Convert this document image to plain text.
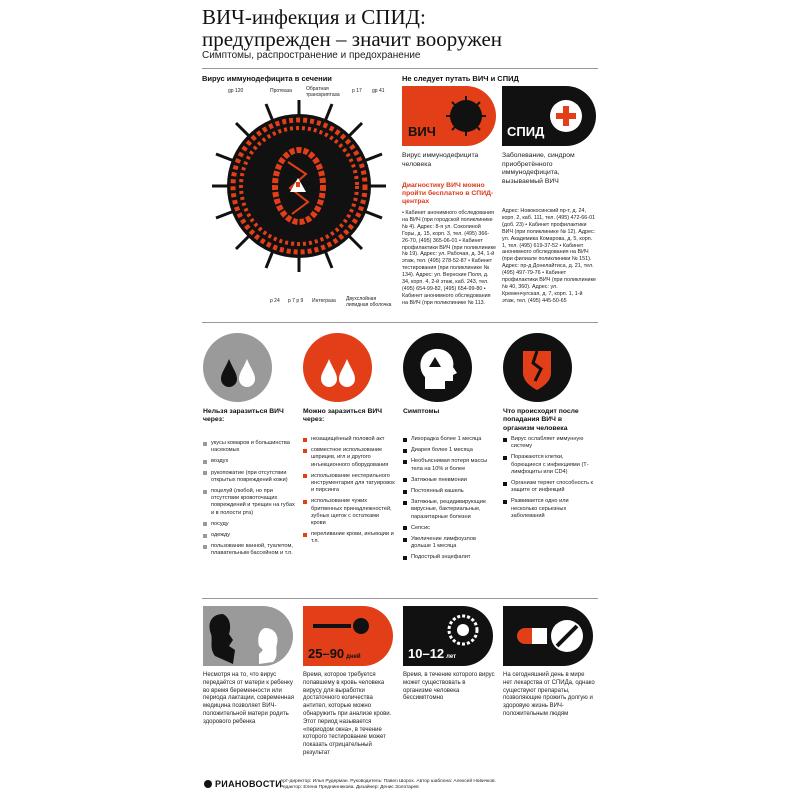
ВИЧ-инфекция и СПИД:
предупрежден – значит вооружен
Симптомы, распространение и предохранение
Вирус иммунодефицита в сечении
gp 120	Протеаза	Обратная транскриптаза
p 17 gp 41
p 24 p 7 p 9 Интеграза Двухслойная липидная оболочка
Не следует путать ВИЧ и СПИД
ВИЧ	СПИД
Вирус иммунодефицита человека
Заболевание, синдром приобретённого иммунодефицита, вызываемый ВИЧ
Диагностику ВИЧ можно пройти бесплатно в СПИД-центрах
• Кабинет анонимного обследования на ВИЧ (при городской поликлинике № 4). Адрес: 8-я ул. Соколиной Горы, д. 15, корп. 3, тел. (495) 366-26-70, (495) 365-06-01 • Кабинет профилактики ВИЧ (при поликлинике № 19). Адрес: ул. Рабочая, д. 34, 1-й этаж, тел. (495) 278-52-87 • Кабинет тестирования (при поликлинике № 134). Адрес: ул. Вернские Поля, д. 34, корп. 4, 2-й этаж, каб. 243, тел. (495) 654-99-82, (495) 654-99-80 • Кабинет анонимного обследования на ВИЧ (при поликлинике № 113.
Адрес: Новокосинский пр-т, д. 24, корп. 2, каб. 111, тел. (495) 472-66-01 (доб. 23) • Кабинет профилактики ВИЧ (при поликлинике № 12). Адрес: ул. Академика Комарова, д. 5, корп. 1, тел. (495) 619-37-52 • Кабинет анонимного обследования на ВИЧ (при филиале поликлиники № 151). Адрес: пр-д Донелайтиса, д. 21, тел. (495) 497-79-76 • Кабинет профилактики ВИЧ (при поликлинике № 40, 360). Адрес: ул. Кременчугская, д. 7, корп. 1, 1-й этаж, тел. (495) 445-50-65
Нельзя заразиться ВИЧ через:
Можно заразиться ВИЧ через:
Симптомы	Что происходит после попадания ВИЧ в организм человека
укусы комаров и большинства насекомых
воздух
рукопожатие (при отсутствии открытых повреждений кожи)
поцелуй (любой, но при отсутствии кровоточащих повреждений и трещин на губах и в полости рта)
посуду
одежду
пользование ванной, туалетом, плавательным бассейном и т.п.
незащищённый половой акт
совместное использование шприцев, игл и другого инъекционного оборудования
использование нестерильного инструментария для татуировок и пирсинга
использование чужих бритвенных принадлежностей, зубных щеток с остатками крови
переливание крови, инъекции и т.п.
Лихорадка более 1 месяца
Диарея более 1 месяца
Необъяснимая потеря массы тела на 10% и более
Затяжные пневмонии
Постоянный кашель
Затяжные, рецидивирующие вирусные, бактериальные, паразитарные болезни
Сепсис
Увеличение лимфоузлов дольше 1 месяца
Подострый энцефалит
Вирус ослабляет иммунную систему
Поражаются клетки, борющиеся с инфекциями (Т-лимфоциты или CD4)
Организм теряет способность к защите от инфекций
Развивается одно или несколько серьезных заболеваний
25–90 дней	10–12 лет
Несмотря на то, что вирус передаётся от матери к ребенку во время беременности или периода лактации, современная медицина позволяет ВИЧ-положительной матери родить здорового ребенка
Время, которое требуется попавшему в кровь человека вирусу для выработки достаточного количества антител, которые можно обнаружить при анализе крови. Этот период называется «периодом окна», в течение которого тестирование может показать отрицательный результат
Время, в течение которого вирус может существовать в организме человека бессимптомно
На сегодняшний день в мире нет лекарства от СПИДа, однако существуют препараты, позволяющие прожить долгую и здоровую жизнь ВИЧ-положительным людям
РИАНОВОСТИ
Арт-директор: Илья Рудерман. Руководитель: Павел Шорох. Автор шаблона: Алексей Новичков.
Редактор: Елена Преднинникова. Дизайнер: Денис Золотарев
